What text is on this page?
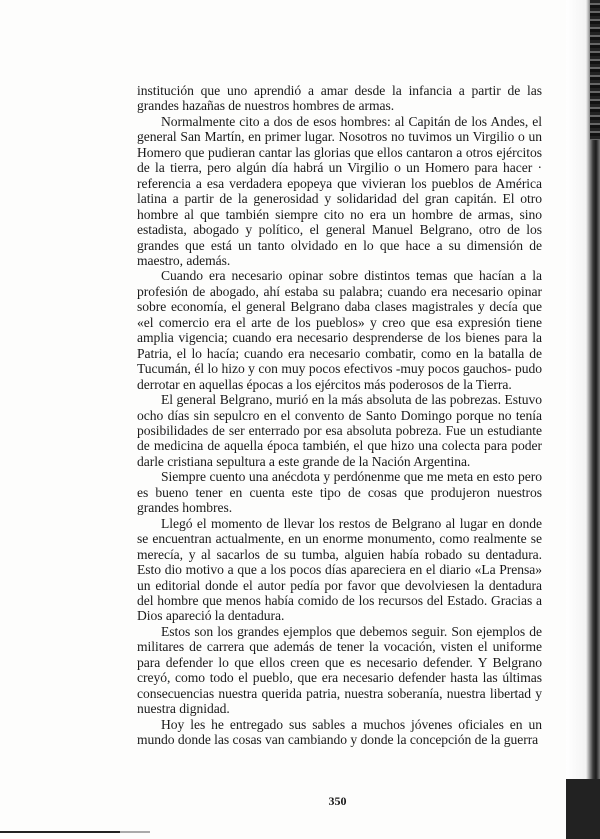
institución que uno aprendió a amar desde la infancia a partir de las grandes hazañas de nuestros hombres de armas.

Normalmente cito a dos de esos hombres: al Capitán de los Andes, el general San Martín, en primer lugar. Nosotros no tuvimos un Virgilio o un Homero que pudieran cantar las glorias que ellos cantaron a otros ejércitos de la tierra, pero algún día habrá un Virgilio o un Homero para hacer · referencia a esa verdadera epopeya que vivieran los pueblos de América latina a partir de la generosidad y solidaridad del gran capitán. El otro hombre al que también siempre cito no era un hombre de armas, sino estadista, abogado y político, el general Manuel Belgrano, otro de los grandes que está un tanto olvidado en lo que hace a su dimensión de maestro, además.

Cuando era necesario opinar sobre distintos temas que hacían a la profesión de abogado, ahí estaba su palabra; cuando era necesario opinar sobre economía, el general Belgrano daba clases magistrales y decía que «el comercio era el arte de los pueblos» y creo que esa expresión tiene amplia vigencia; cuando era necesario desprenderse de los bienes para la Patria, el lo hacía; cuando era necesario combatir, como en la batalla de Tucumán, él lo hizo y con muy pocos efectivos -muy pocos gauchos- pudo derrotar en aquellas épocas a los ejércitos más poderosos de la Tierra.

El general Belgrano, murió en la más absoluta de las pobrezas. Estuvo ocho días sin sepulcro en el convento de Santo Domingo porque no tenía posibilidades de ser enterrado por esa absoluta pobreza. Fue un estudiante de medicina de aquella época también, el que hizo una colecta para poder darle cristiana sepultura a este grande de la Nación Argentina.

Siempre cuento una anécdota y perdónenme que me meta en esto pero es bueno tener en cuenta este tipo de cosas que produjeron nuestros grandes hombres.

Llegó el momento de llevar los restos de Belgrano al lugar en donde se encuentran actualmente, en un enorme monumento, como realmente se merecía, y al sacarlos de su tumba, alguien había robado su dentadura. Esto dio motivo a que a los pocos días apareciera en el diario «La Prensa» un editorial donde el autor pedía por favor que devolviesen la dentadura del hombre que menos había comido de los recursos del Estado. Gracias a Dios apareció la dentadura.

Estos son los grandes ejemplos que debemos seguir. Son ejemplos de militares de carrera que además de tener la vocación, visten el uniforme para defender lo que ellos creen que es necesario defender. Y Belgrano creyó, como todo el pueblo, que era necesario defender hasta las últimas consecuencias nuestra querida patria, nuestra soberanía, nuestra libertad y nuestra dignidad.

Hoy les he entregado sus sables a muchos jóvenes oficiales en un mundo donde las cosas van cambiando y donde la concepción de la guerra

350
